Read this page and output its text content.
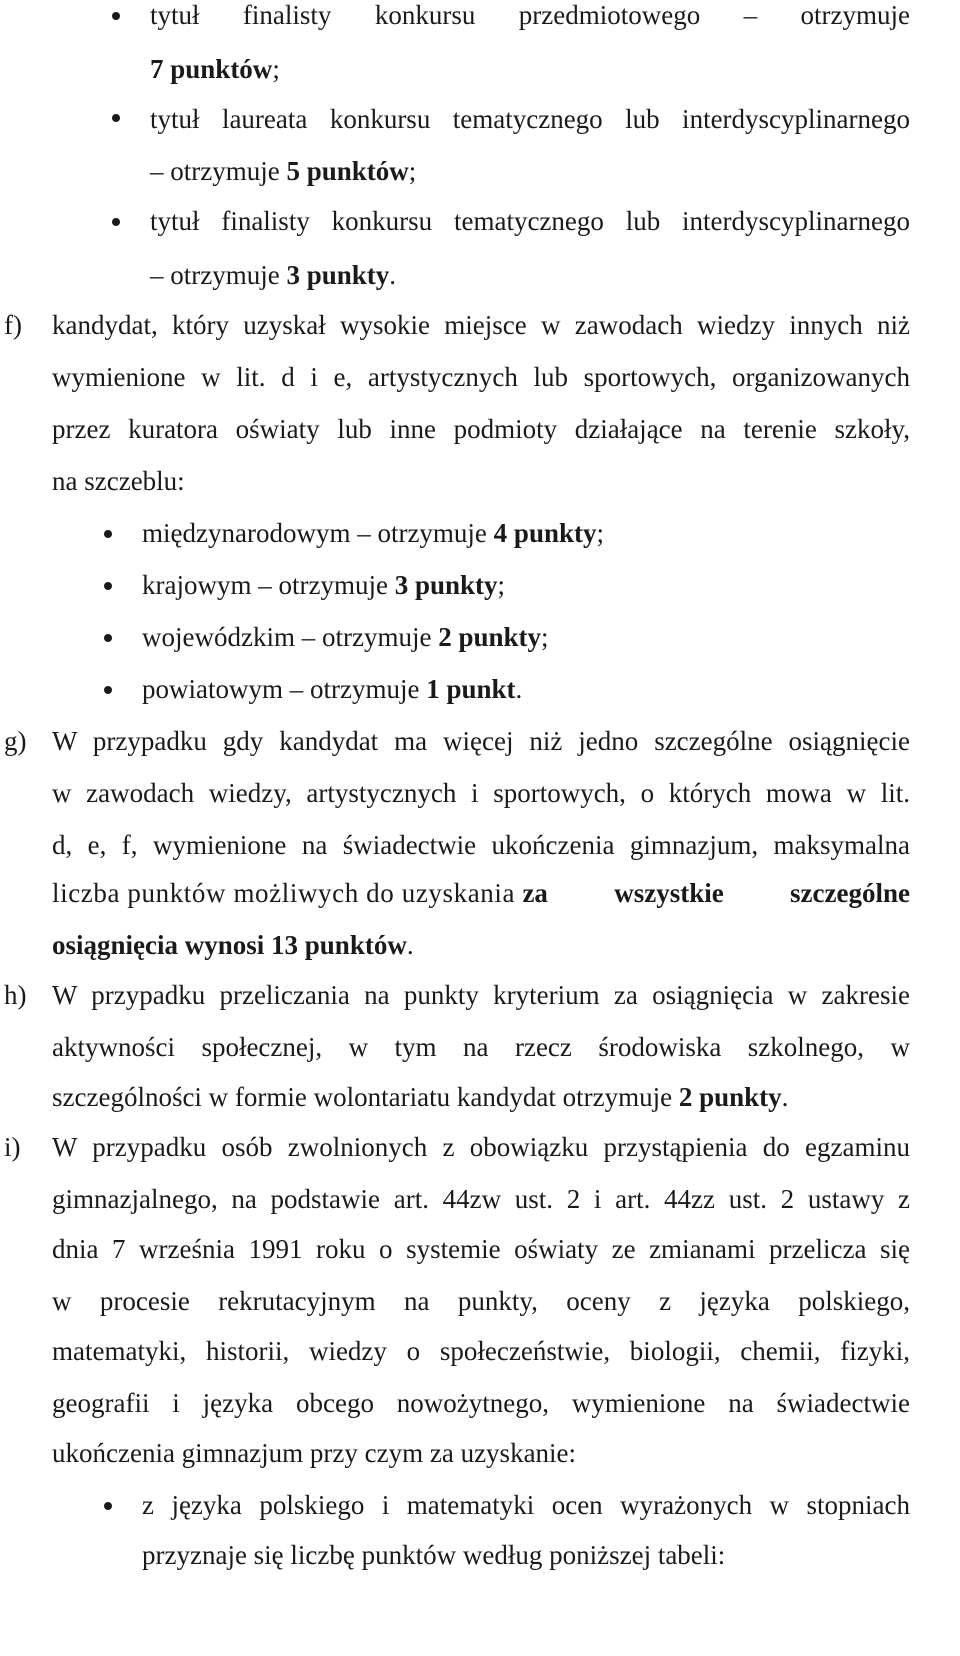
tytuł finalisty konkursu przedmiotowego – otrzymuje
7 punktów;
tytuł laureata konkursu tematycznego lub interdyscyplinarnego
– otrzymuje 5 punktów;
tytuł finalisty konkursu tematycznego lub interdyscyplinarnego
– otrzymuje 3 punkty.
f) kandydat, który uzyskał wysokie miejsce w zawodach wiedzy innych niż
wymienione w lit. d i e, artystycznych lub sportowych, organizowanych
przez kuratora oświaty lub inne podmioty działające na terenie szkoły,
na szczeblu:
międzynarodowym – otrzymuje 4 punkty;
krajowym – otrzymuje 3 punkty;
wojewódzkim – otrzymuje 2 punkty;
powiatowym – otrzymuje 1 punkt.
g) W przypadku gdy kandydat ma więcej niż jedno szczególne osiągnięcie
w zawodach wiedzy, artystycznych i sportowych, o których mowa w lit.
d, e, f, wymienione na świadectwie ukończenia gimnazjum, maksymalna
liczba punktów możliwych do uzyskania za wszystkie szczególne
osiągnięcia wynosi 13 punktów.
h) W przypadku przeliczania na punkty kryterium za osiągnięcia w zakresie
aktywności społecznej, w tym na rzecz środowiska szkolnego, w
szczególności w formie wolontariatu kandydat otrzymuje 2 punkty.
i) W przypadku osób zwolnionych z obowiązku przystąpienia do egzaminu
gimnazjalnego, na podstawie art. 44zw ust. 2 i art. 44zz ust. 2 ustawy z
dnia 7 września 1991 roku o systemie oświaty ze zmianami przelicza się
w procesie rekrutacyjnym na punkty, oceny z języka polskiego,
matematyki, historii, wiedzy o społeczeństwie, biologii, chemii, fizyki,
geografii i języka obcego nowożytnego, wymienione na świadectwie
ukończenia gimnazjum przy czym za uzyskanie:
z języka polskiego i matematyki ocen wyrażonych w stopniach
przyznaje się liczbę punktów według poniższej tabeli:
